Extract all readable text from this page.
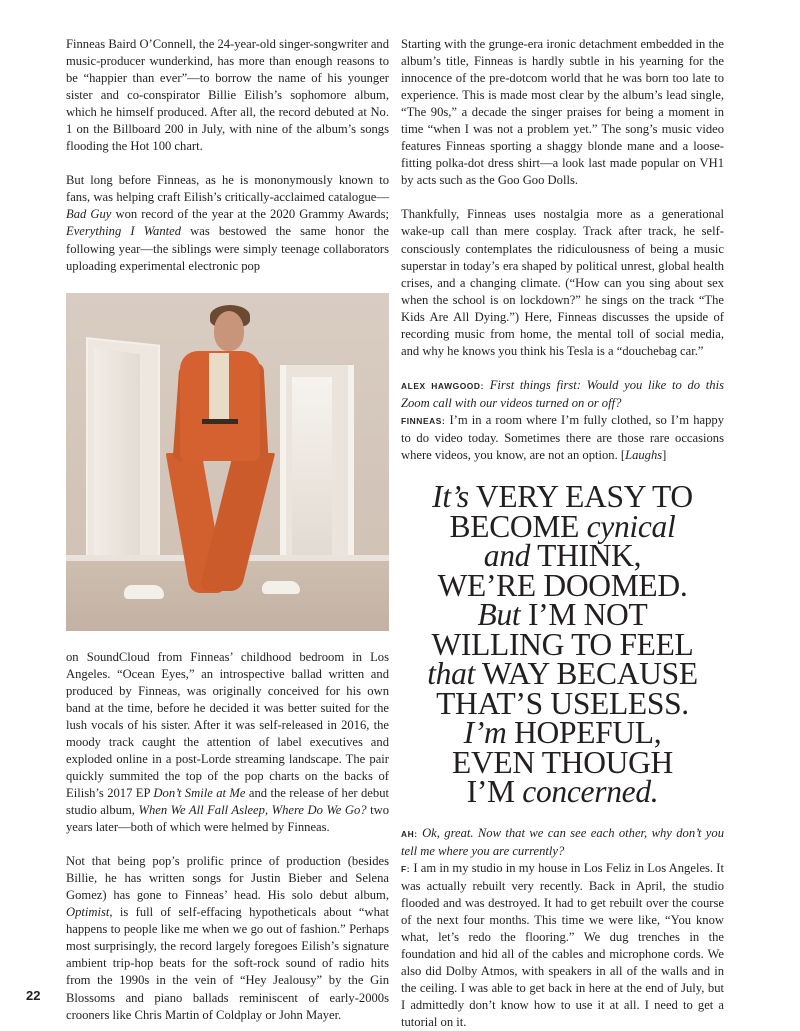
Finneas Baird O’Connell, the 24-year-old singer-songwriter and music-producer wunderkind, has more than enough reasons to be “happier than ever”—to borrow the name of his younger sister and co-conspirator Billie Eilish’s sophomore album, which he himself produced. After all, the record debuted at No. 1 on the Billboard 200 in July, with nine of the album’s songs flooding the Hot 100 chart.

But long before Finneas, as he is mononymously known to fans, was helping craft Eilish’s critically-acclaimed catalogue—Bad Guy won record of the year at the 2020 Grammy Awards; Everything I Wanted was bestowed the same honor the following year—the siblings were simply teenage collaborators uploading experimental electronic pop

on SoundCloud from Finneas’ childhood bedroom in Los Angeles. “Ocean Eyes,” an introspective ballad written and produced by Finneas, was originally conceived for his own band at the time, before he decided it was better suited for the lush vocals of his sister. After it was self-released in 2016, the moody track caught the attention of label executives and exploded online in a post-Lorde streaming landscape. The pair quickly summited the top of the pop charts on the backs of Eilish’s 2017 EP Don’t Smile at Me and the release of her debut studio album, When We All Fall Asleep, Where Do We Go? two years later—both of which were helmed by Finneas.

Not that being pop’s prolific prince of production (besides Billie, he has written songs for Justin Bieber and Selena Gomez) has gone to Finneas’ head. His solo debut album, Optimist, is full of self-effacing hypotheticals about “what happens to people like me when we go out of fashion.” Perhaps most surprisingly, the record largely foregoes Eilish’s signature ambient trip-hop beats for the soft-rock sound of radio hits from the 1990s in the vein of “Hey Jealousy” by the Gin Blossoms and piano ballads reminiscent of early-2000s crooners like Chris Martin of Coldplay or John Mayer.

Starting with the grunge-era ironic detachment embedded in the album’s title, Finneas is hardly subtle in his yearning for the innocence of the pre-dotcom world that he was born too late to experience. This is made most clear by the album’s lead single, “The 90s,” a decade the singer praises for being a moment in time “when I was not a problem yet.” The song’s music video features Finneas sporting a shaggy blonde mane and a loose-fitting polka-dot dress shirt—a look last made popular on VH1 by acts such as the Goo Goo Dolls.

Thankfully, Finneas uses nostalgia more as a generational wake-up call than mere cosplay. Track after track, he self-consciously contemplates the ridiculousness of being a music superstar in today’s era shaped by political unrest, global health crises, and a changing climate. (“How can you sing about sex when the school is on lockdown?” he sings on the track “The Kids Are All Dying.”) Here, Finneas discusses the upside of recording music from home, the mental toll of social media, and why he knows you think his Tesla is a “douchebag car.”

ALEX HAWGOOD: First things first: Would you like to do this Zoom call with our videos turned on or off?

FINNEAS: I’m in a room where I’m fully clothed, so I’m happy to do video today. Sometimes there are those rare occasions where videos, you know, are not an option. [Laughs]

It’s VERY EASY TO
BECOME cynical
and THINK,
WE’RE DOOMED.
But I’M NOT
WILLING TO FEEL
that WAY BECAUSE
THAT’S USELESS.
I’m HOPEFUL,
EVEN THOUGH
I’M concerned.

AH: Ok, great. Now that we can see each other, why don’t you tell me where you are currently?

F: I am in my studio in my house in Los Feliz in Los Angeles. It was actually rebuilt very recently. Back in April, the studio flooded and was destroyed. It had to get rebuilt over the course of the next four months. This time we were like, “You know what, let’s redo the flooring.” We dug trenches in the foundation and hid all of the cables and microphone cords. We also did Dolby Atmos, with speakers in all of the walls and in the ceiling. I was able to get back in here at the end of July, but I admittedly don’t know how to use it at all. I need to get a tutorial on it.

22
